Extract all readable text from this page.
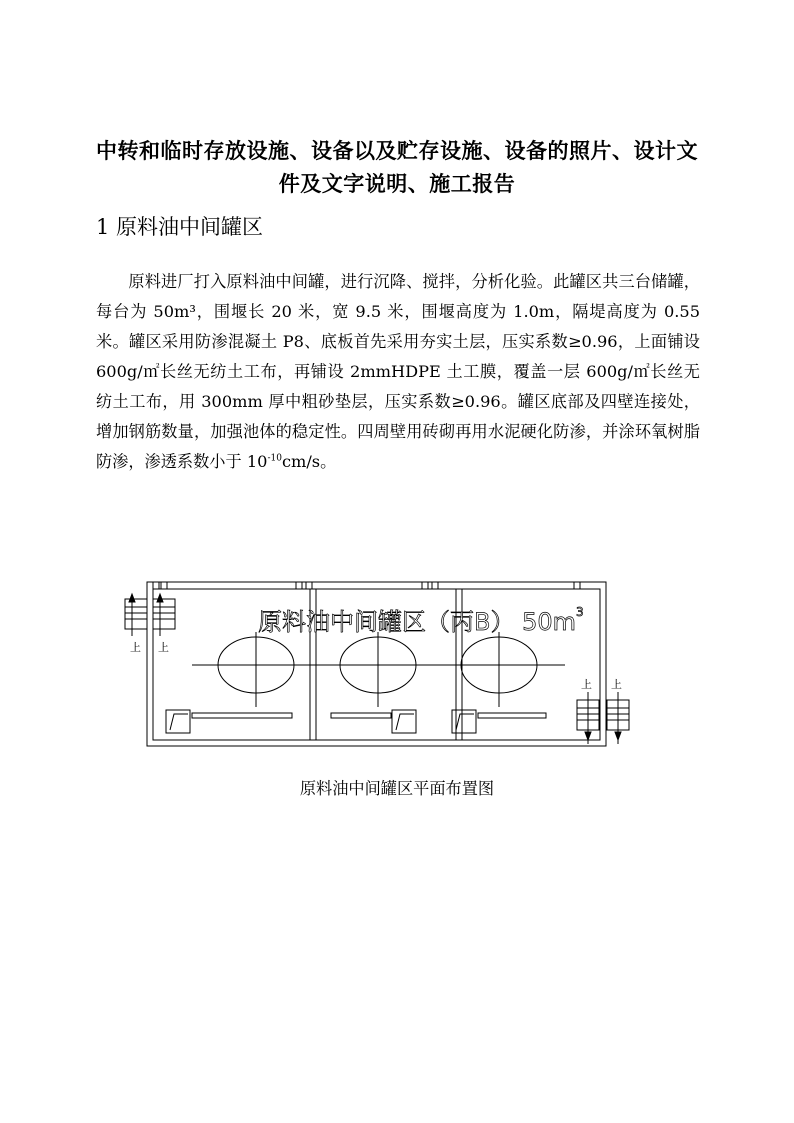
中转和临时存放设施、设备以及贮存设施、设备的照片、设计文件及文字说明、施工报告
1 原料油中间罐区
原料进厂打入原料油中间罐，进行沉降、搅拌，分析化验。此罐区共三台储罐，每台为 50m³，围堰长 20 米，宽 9.5 米，围堰高度为 1.0m，隔堤高度为 0.55 米。罐区采用防渗混凝土 P8、底板首先采用夯实土层，压实系数≥0.96，上面铺设 600g/㎡长丝无纺土工布，再铺设 2mmHDPE 土工膜，覆盖一层 600g/㎡长丝无纺土工布，用 300mm 厚中粗砂垫层，压实系数≥0.96。罐区底部及四壁连接处，增加钢筋数量，加强池体的稳定性。四周壁用砖砌再用水泥硬化防渗，并涂环氧树脂防渗，渗透系数小于 $10^{-10}cm/s$。
上 上
上 上
原料油中间罐区（丙B） $50m^3$
原料油中间罐区平面布置图
